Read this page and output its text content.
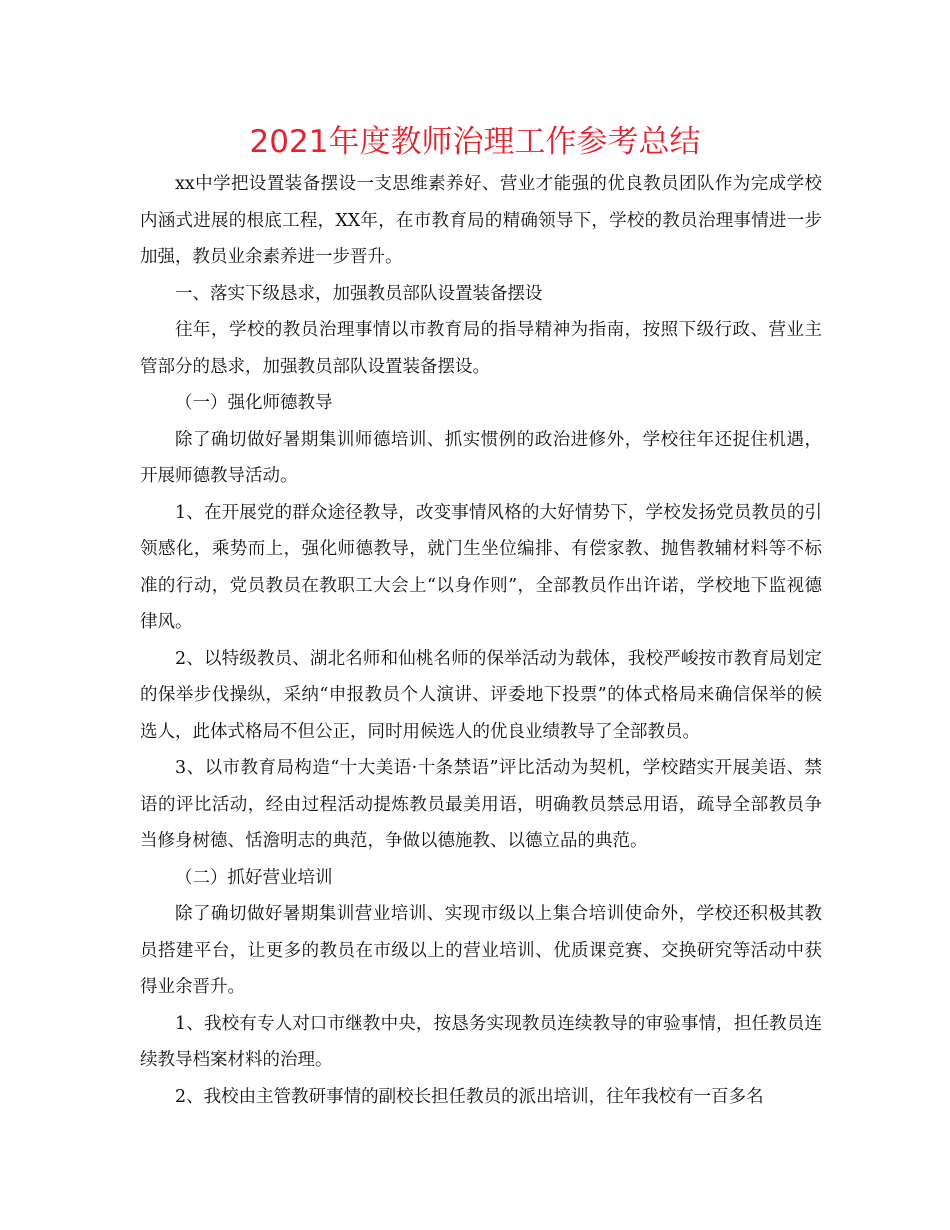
2021年度教师治理工作参考总结

xx中学把设置装备摆设一支思维素养好、营业才能强的优良教员团队作为完成学校内涵式进展的根底工程，XX年，在市教育局的精确领导下，学校的教员治理事情进一步加强，教员业余素养进一步晋升。

一、落实下级恳求，加强教员部队设置装备摆设

往年，学校的教员治理事情以市教育局的指导精神为指南，按照下级行政、营业主管部分的恳求，加强教员部队设置装备摆设。

（一）强化师德教导

除了确切做好暑期集训师德培训、抓实惯例的政治进修外，学校往年还捉住机遇，开展师德教导活动。

1、在开展党的群众途径教导，改变事情风格的大好情势下，学校发扬党员教员的引领感化，乘势而上，强化师德教导，就门生坐位编排、有偿家教、抛售教辅材料等不标准的行动，党员教员在教职工大会上“以身作则”，全部教员作出许诺，学校地下监视德律风。

2、以特级教员、湖北名师和仙桃名师的保举活动为载体，我校严峻按市教育局划定的保举步伐操纵，采纳“申报教员个人演讲、评委地下投票”的体式格局来确信保举的候选人，此体式格局不但公正，同时用候选人的优良业绩教导了全部教员。

3、以市教育局构造“十大美语·十条禁语”评比活动为契机，学校踏实开展美语、禁语的评比活动，经由过程活动提炼教员最美用语，明确教员禁忌用语，疏导全部教员争当修身树德、恬澹明志的典范，争做以德施教、以德立品的典范。

（二）抓好营业培训

除了确切做好暑期集训营业培训、实现市级以上集合培训使命外，学校还积极其教员搭建平台，让更多的教员在市级以上的营业培训、优质课竞赛、交换研究等活动中获得业余晋升。

1、我校有专人对口市继教中央，按恳务实现教员连续教导的审验事情，担任教员连续教导档案材料的治理。

2、我校由主管教研事情的副校长担任教员的派出培训，往年我校有一百多名
